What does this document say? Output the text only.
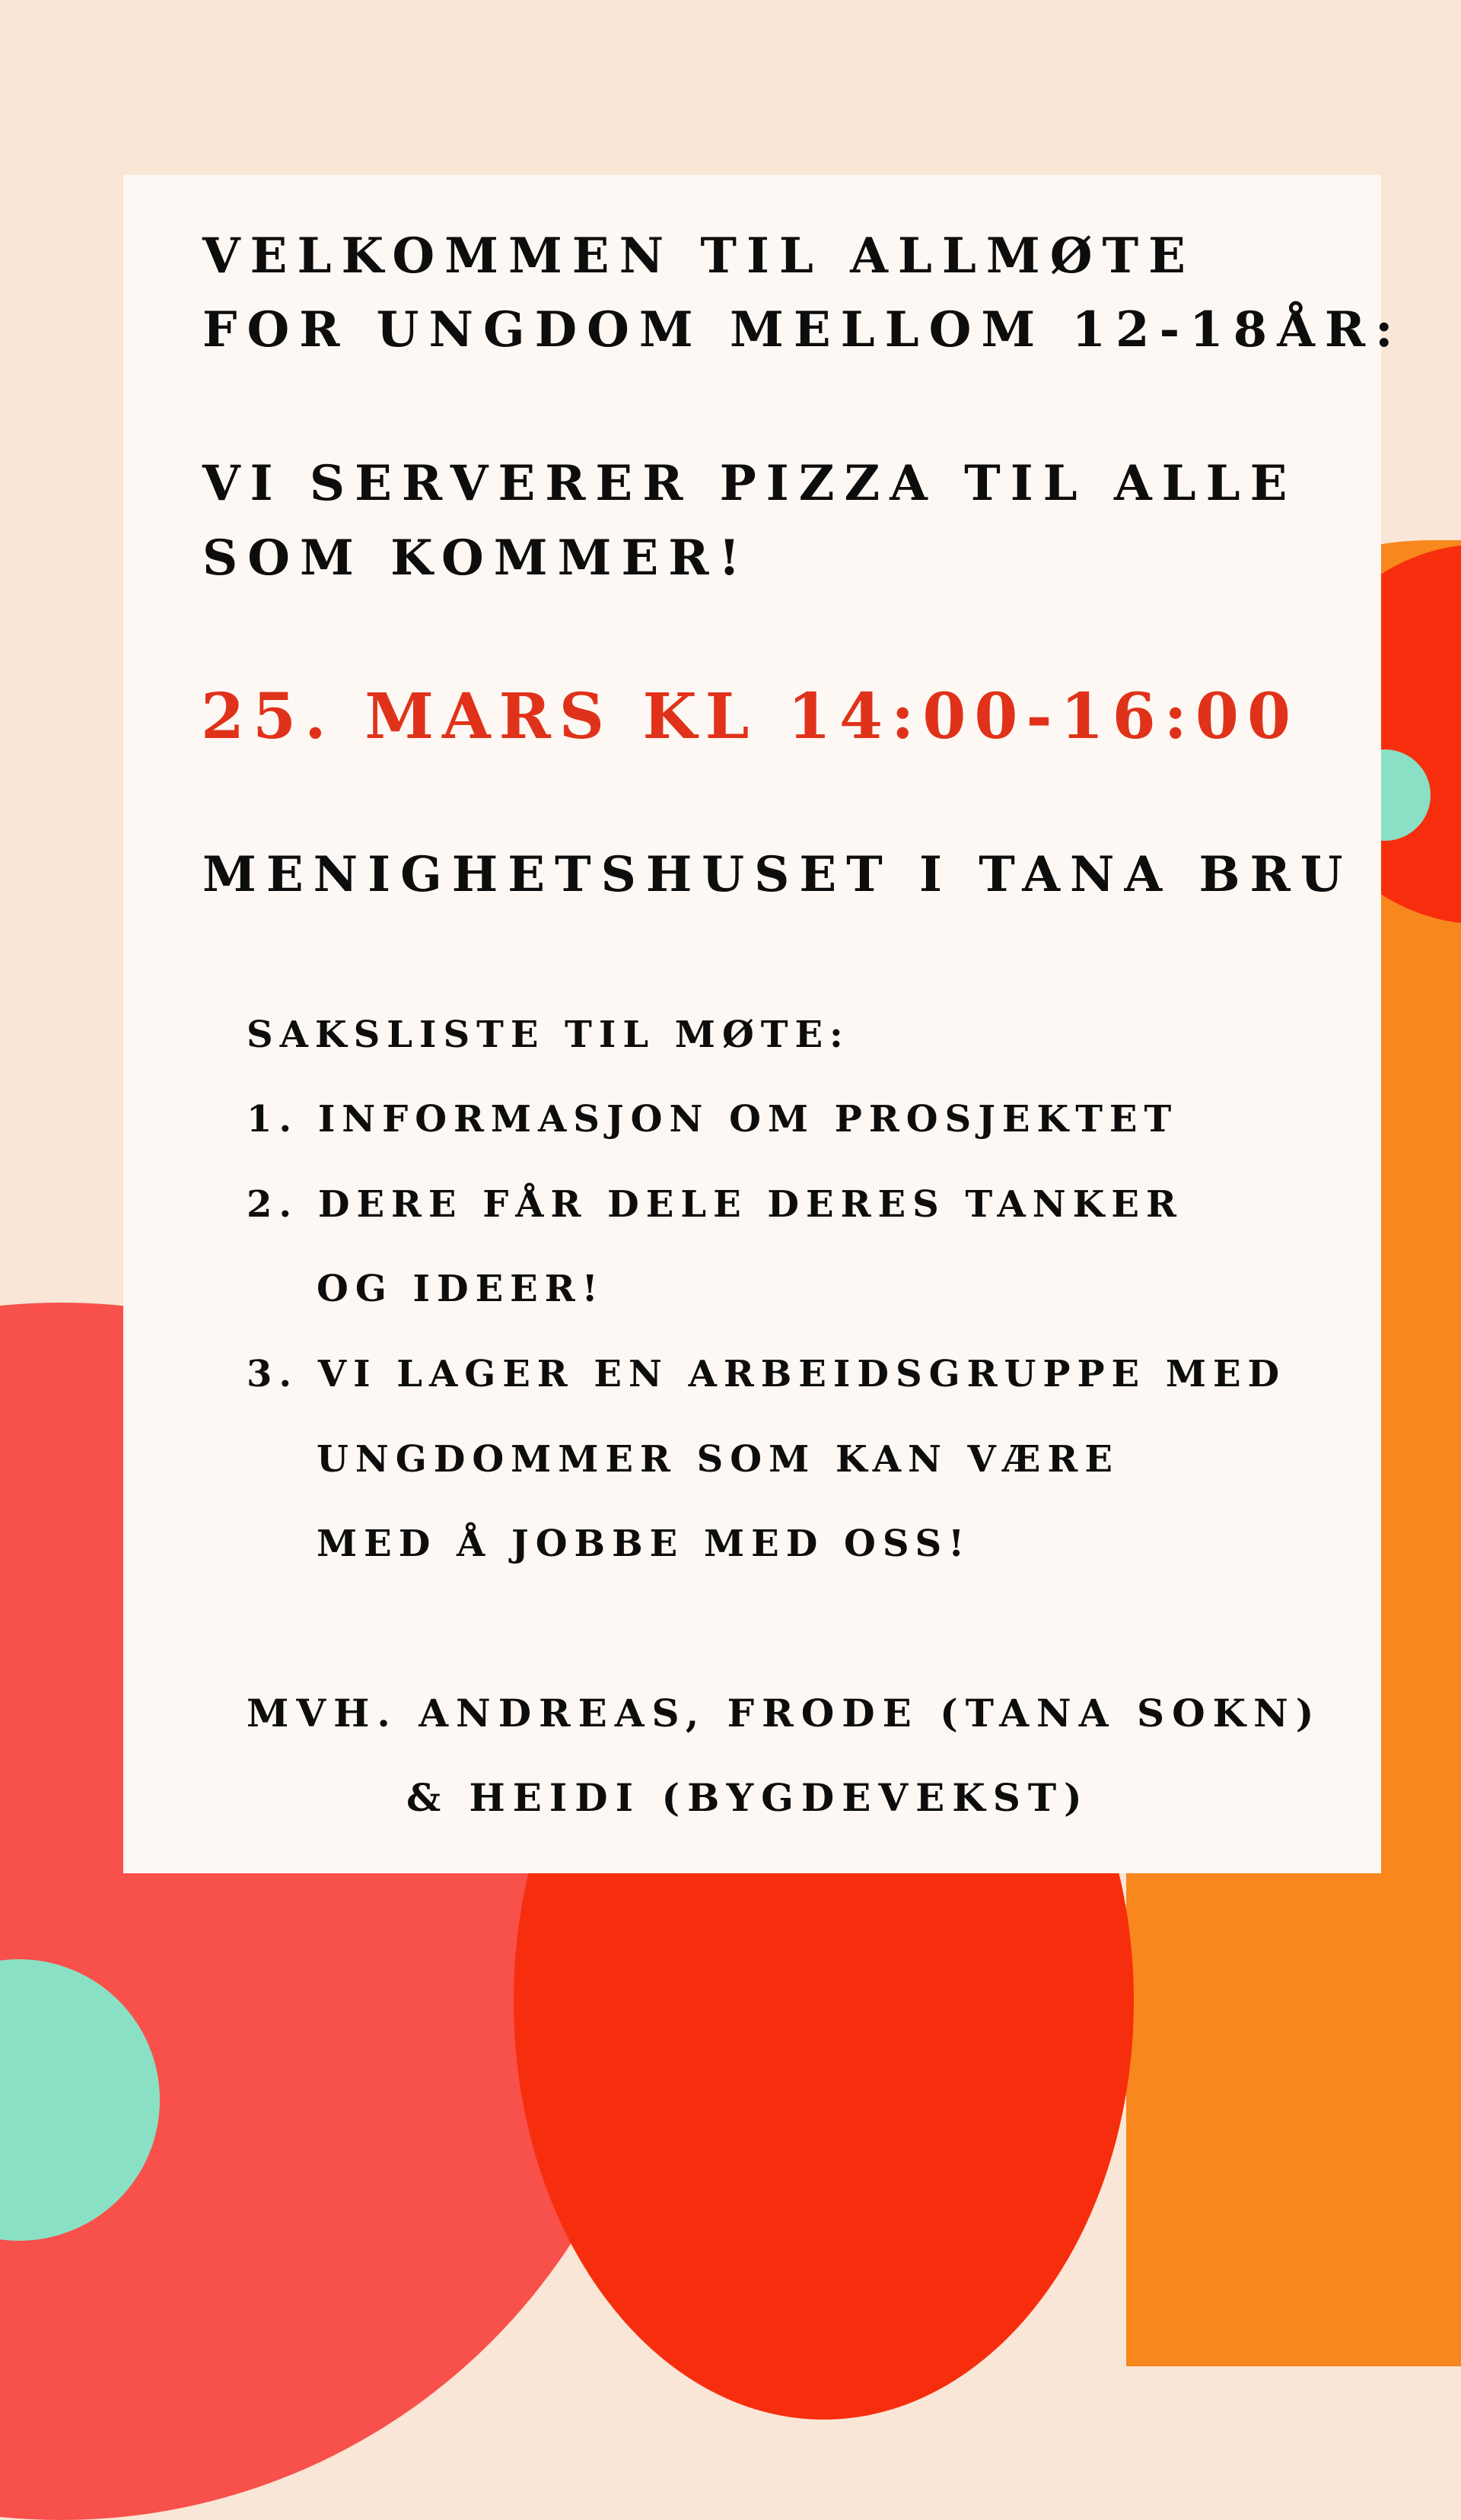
VELKOMMEN TIL ALLMØTE
FOR UNGDOM MELLOM 12-18ÅR:
VI SERVERER PIZZA TIL ALLE
SOM KOMMER!
25. MARS KL 14:00-16:00
MENIGHETSHUSET I TANA BRU
SAKSLISTE TIL MØTE:
1. INFORMASJON OM PROSJEKTET
2. DERE FÅR DELE DERES TANKER
OG IDEER!
3. VI LAGER EN ARBEIDSGRUPPE MED
UNGDOMMER SOM KAN VÆRE
MED Å JOBBE MED OSS!
MVH. ANDREAS, FRODE (TANA SOKN)
& HEIDI (BYGDEVEKST)
